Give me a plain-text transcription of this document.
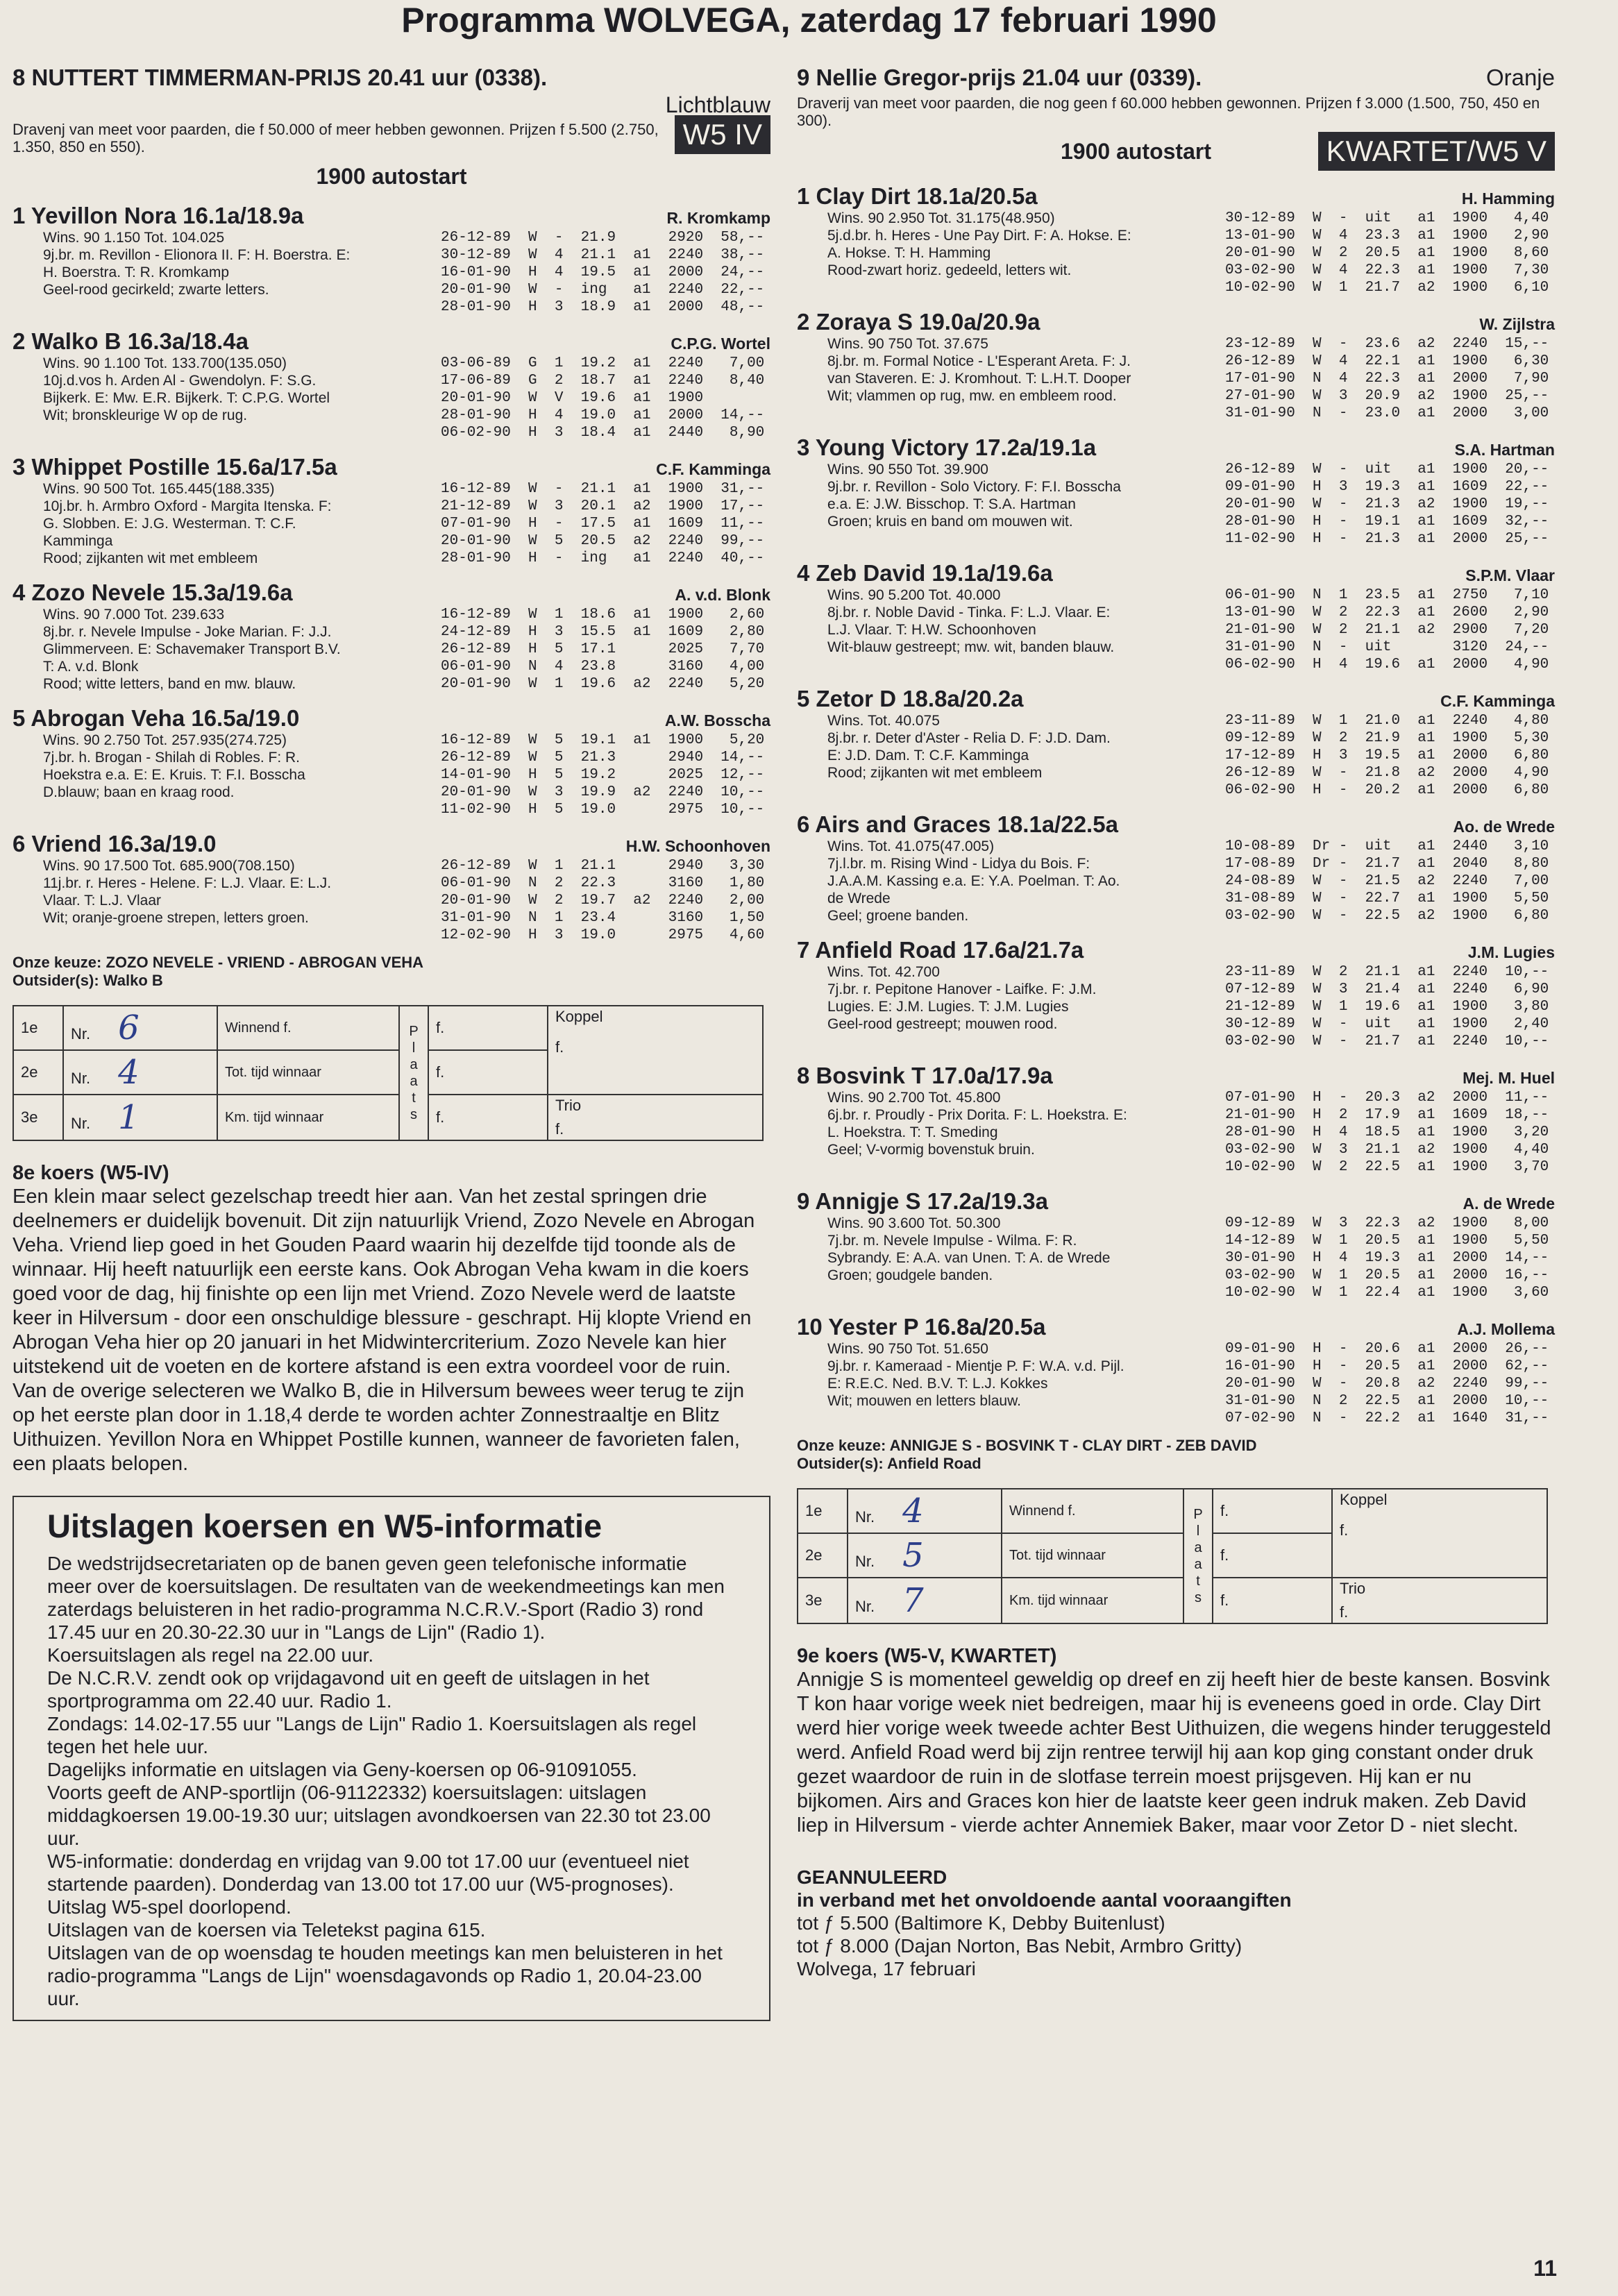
Programma WOLVEGA, zaterdag 17 februari 1990
8 NUTTERT TIMMERMAN-PRIJS 20.41 uur (0338).
Lichtblauw
W5 IV
Dravenj van meet voor paarden, die f 50.000 of meer hebben gewonnen. Prijzen f 5.500 (2.750, 1.350, 850 en 550).
1900 autostart
1 Yevillon Nora 16.1a/18.9a	R. Kromkamp
Wins. 90 1.150 Tot. 104.025
9j.br. m. Revillon - Elionora II. F: H. Boerstra. E:
H. Boerstra. T: R. Kromkamp
Geel-rood gecirkeld; zwarte letters.
26-12-89  W  -  21.9      2920  58,--
30-12-89  W  4  21.1  a1  2240  38,--
16-01-90  H  4  19.5  a1  2000  24,--
20-01-90  W  -  ing   a1  2240  22,--
28-01-90  H  3  18.9  a1  2000  48,--
2 Walko B 16.3a/18.4a	C.P.G. Wortel
Wins. 90 1.100 Tot. 133.700(135.050)
10j.d.vos h. Arden Al - Gwendolyn. F: S.G.
Bijkerk. E: Mw. E.R. Bijkerk. T: C.P.G. Wortel
Wit; bronskleurige W op de rug.
03-06-89  G  1  19.2  a1  2240   7,00
17-06-89  G  2  18.7  a1  2240   8,40
20-01-90  W  V  19.6  a1  1900
28-01-90  H  4  19.0  a1  2000  14,--
06-02-90  H  3  18.4  a1  2440   8,90
3 Whippet Postille 15.6a/17.5a	C.F. Kamminga
Wins. 90 500 Tot. 165.445(188.335)
10j.br. h. Armbro Oxford - Margita Itenska. F:
G. Slobben. E: J.G. Westerman. T: C.F.
Kamminga
Rood; zijkanten wit met embleem
16-12-89  W  -  21.1  a1  1900  31,--
21-12-89  W  3  20.1  a2  1900  17,--
07-01-90  H  -  17.5  a1  1609  11,--
20-01-90  W  5  20.5  a2  2240  99,--
28-01-90  H  -  ing   a1  2240  40,--
4 Zozo Nevele 15.3a/19.6a	A. v.d. Blonk
Wins. 90 7.000 Tot. 239.633
8j.br. r. Nevele Impulse - Joke Marian. F: J.J.
Glimmerveen. E: Schavemaker Transport B.V.
T: A. v.d. Blonk
Rood; witte letters, band en mw. blauw.
16-12-89  W  1  18.6  a1  1900   2,60
24-12-89  H  3  15.5  a1  1609   2,80
26-12-89  H  5  17.1      2025   7,70
06-01-90  N  4  23.8      3160   4,00
20-01-90  W  1  19.6  a2  2240   5,20
5 Abrogan Veha 16.5a/19.0	A.W. Bosscha
Wins. 90 2.750 Tot. 257.935(274.725)
7j.br. h. Brogan - Shilah di Robles. F: R.
Hoekstra e.a. E: E. Kruis. T: F.I. Bosscha
D.blauw; baan en kraag rood.
16-12-89  W  5  19.1  a1  1900   5,20
26-12-89  W  5  21.3      2940  14,--
14-01-90  H  5  19.2      2025  12,--
20-01-90  W  3  19.9  a2  2240  10,--
11-02-90  H  5  19.0      2975  10,--
6 Vriend 16.3a/19.0	H.W. Schoonhoven
Wins. 90 17.500 Tot. 685.900(708.150)
11j.br. r. Heres - Helene. F: L.J. Vlaar. E: L.J.
Vlaar. T: L.J. Vlaar
Wit; oranje-groene strepen, letters groen.
26-12-89  W  1  21.1      2940   3,30
06-01-90  N  2  22.3      3160   1,80
20-01-90  W  2  19.7  a2  2240   2,00
31-01-90  N  1  23.4      3160   1,50
12-02-90  H  3  19.0      2975   4,60
Onze keuze: ZOZO NEVELE - VRIEND - ABROGAN VEHA
Outsider(s): Walko B
1e	Nr. 6	Winnend f.	P l a a t s	f.	Koppel
f.

2e	Nr. 4	Tot. tijd winnaar		f.	
3e	Nr. 1	Km. tijd winnaar		f.	Trio
f.
8e koers (W5-IV)
Een klein maar select gezelschap treedt hier aan. Van het zestal springen drie deelnemers er duidelijk bovenuit. Dit zijn natuurlijk Vriend, Zozo Nevele en Abrogan Veha. Vriend liep goed in het Gouden Paard waarin hij dezelfde tijd toonde als de winnaar. Hij heeft natuurlijk een eerste kans. Ook Abrogan Veha kwam in die koers goed voor de dag, hij finishte op een lijn met Vriend. Zozo Nevele werd de laatste keer in Hilversum - door een onschuldige blessure - geschrapt. Hij klopte Vriend en Abrogan Veha hier op 20 januari in het Midwintercriterium. Zozo Nevele kan hier uitstekend uit de voeten en de kortere afstand is een extra voordeel voor de ruin. Van de overige selecteren we Walko B, die in Hilversum bewees weer terug te zijn op het eerste plan door in 1.18,4 derde te worden achter Zonnestraaltje en Blitz Uithuizen. Yevillon Nora en Whippet Postille kunnen, wanneer de favorieten falen, een plaats belopen.
Uitslagen koersen en W5-informatie

De wedstrijdsecretariaten op de banen geven geen telefonische informatie meer over de koersuitslagen. De resultaten van de weekendmeetings kan men zaterdags beluisteren in het radio-programma N.C.R.V.-Sport (Radio 3) rond 17.45 uur en 20.30-22.30 uur in "Langs de Lijn" (Radio 1).
Koersuitslagen als regel na 22.00 uur.
De N.C.R.V. zendt ook op vrijdagavond uit en geeft de uitslagen in het sportprogramma om 22.40 uur. Radio 1.
Zondags: 14.02-17.55 uur "Langs de Lijn" Radio 1. Koersuitslagen als regel tegen het hele uur.
Dagelijks informatie en uitslagen via Geny-koersen op 06-91091055.
Voorts geeft de ANP-sportlijn (06-91122332) koersuitslagen: uitslagen middagkoersen 19.00-19.30 uur; uitslagen avondkoersen van 22.30 tot 23.00 uur.
W5-informatie: donderdag en vrijdag van 9.00 tot 17.00 uur (eventueel niet startende paarden). Donderdag van 13.00 tot 17.00 uur (W5-prognoses). Uitslag W5-spel doorlopend.
Uitslagen van de koersen via Teletekst pagina 615.
Uitslagen van de op woensdag te houden meetings kan men beluisteren in het radio-programma "Langs de Lijn" woensdagavonds op Radio 1, 20.04-23.00 uur.

9 Nellie Gregor-prijs 21.04 uur (0339).	Oranje
Draverij van meet voor paarden, die nog geen f 60.000 hebben gewonnen. Prijzen f 3.000 (1.500, 750, 450 en 300).
1900 autostart	KWARTET/W5 V
1 Clay Dirt 18.1a/20.5a	H. Hamming
Wins. 90 2.950 Tot. 31.175(48.950)
5j.d.br. h. Heres - Une Pay Dirt. F: A. Hokse. E:
A. Hokse. T: H. Hamming
Rood-zwart horiz. gedeeld, letters wit.
30-12-89  W  -  uit   a1  1900   4,40
13-01-90  W  4  23.3  a1  1900   2,90
20-01-90  W  2  20.5  a1  1900   8,60
03-02-90  W  4  22.3  a1  1900   7,30
10-02-90  W  1  21.7  a2  1900   6,10
2 Zoraya S 19.0a/20.9a	W. Zijlstra
Wins. 90 750 Tot. 37.675
8j.br. m. Formal Notice - L'Esperant Areta. F: J.
van Staveren. E: J. Kromhout. T: L.H.T. Dooper
Wit; vlammen op rug, mw. en embleem rood.
23-12-89  W  -  23.6  a2  2240  15,--
26-12-89  W  4  22.1  a1  1900   6,30
17-01-90  N  4  22.3  a1  2000   7,90
27-01-90  W  3  20.9  a2  1900  25,--
31-01-90  N  -  23.0  a1  2000   3,00
3 Young Victory 17.2a/19.1a	S.A. Hartman
Wins. 90 550 Tot. 39.900
9j.br. r. Revillon - Solo Victory. F: F.I. Bosscha
e.a. E: J.W. Bisschop. T: S.A. Hartman
Groen; kruis en band om mouwen wit.
26-12-89  W  -  uit   a1  1900  20,--
09-01-90  H  3  19.3  a1  1609  22,--
20-01-90  W  -  21.3  a2  1900  19,--
28-01-90  H  -  19.1  a1  1609  32,--
11-02-90  H  -  21.3  a1  2000  25,--
4 Zeb David 19.1a/19.6a	S.P.M. Vlaar
Wins. 90 5.200 Tot. 40.000
8j.br. r. Noble David - Tinka. F: L.J. Vlaar. E:
L.J. Vlaar. T: H.W. Schoonhoven
Wit-blauw gestreept; mw. wit, banden blauw.
06-01-90  N  1  23.5  a1  2750   7,10
13-01-90  W  2  22.3  a1  2600   2,90
21-01-90  W  2  21.1  a2  2900   7,20
31-01-90  N  -  uit       3120  24,--
06-02-90  H  4  19.6  a1  2000   4,90
5 Zetor D 18.8a/20.2a	C.F. Kamminga
Wins. Tot. 40.075
8j.br. r. Deter d'Aster - Relia D. F: J.D. Dam.
E: J.D. Dam. T: C.F. Kamminga
Rood; zijkanten wit met embleem
23-11-89  W  1  21.0  a1  2240   4,80
09-12-89  W  2  21.9  a1  1900   5,30
17-12-89  H  3  19.5  a1  2000   6,80
26-12-89  W  -  21.8  a2  2000   4,90
06-02-90  H  -  20.2  a1  2000   6,80
6 Airs and Graces 18.1a/22.5a	Ao. de Wrede
Wins. Tot. 41.075(47.005)
7j.l.br. m. Rising Wind - Lidya du Bois. F:
J.A.A.M. Kassing e.a. E: Y.A. Poelman. T: Ao.
de Wrede
Geel; groene banden.
10-08-89  Dr -  uit   a1  2440   3,10
17-08-89  Dr -  21.7  a1  2040   8,80
24-08-89  W  -  21.5  a2  2240   7,00
31-08-89  W  -  22.7  a1  1900   5,50
03-02-90  W  -  22.5  a2  1900   6,80
7 Anfield Road 17.6a/21.7a	J.M. Lugies
Wins. Tot. 42.700
7j.br. r. Pepitone Hanover - Laifke. F: J.M.
Lugies. E: J.M. Lugies. T: J.M. Lugies
Geel-rood gestreept; mouwen rood.
23-11-89  W  2  21.1  a1  2240  10,--
07-12-89  W  3  21.4  a1  2240   6,90
21-12-89  W  1  19.6  a1  1900   3,80
30-12-89  W  -  uit   a1  1900   2,40
03-02-90  W  -  21.7  a1  2240  10,--
8 Bosvink T 17.0a/17.9a	Mej. M. Huel
Wins. 90 2.700 Tot. 45.800
6j.br. r. Proudly - Prix Dorita. F: L. Hoekstra. E:
L. Hoekstra. T: T. Smeding
Geel; V-vormig bovenstuk bruin.
07-01-90  H  -  20.3  a2  2000  11,--
21-01-90  H  2  17.9  a1  1609  18,--
28-01-90  H  4  18.5  a1  1900   3,20
03-02-90  W  3  21.1  a2  1900   4,40
10-02-90  W  2  22.5  a1  1900   3,70
9 Annigje S 17.2a/19.3a	A. de Wrede
Wins. 90 3.600 Tot. 50.300
7j.br. m. Nevele Impulse - Wilma. F: R.
Sybrandy. E: A.A. van Unen. T: A. de Wrede
Groen; goudgele banden.
09-12-89  W  3  22.3  a2  1900   8,00
14-12-89  W  1  20.5  a1  1900   5,50
30-01-90  H  4  19.3  a1  2000  14,--
03-02-90  W  1  20.5  a1  2000  16,--
10-02-90  W  1  22.4  a1  1900   3,60
10 Yester P 16.8a/20.5a	A.J. Mollema
Wins. 90 750 Tot. 51.650
9j.br. r. Kameraad - Mientje P. F: W.A. v.d. Pijl.
E: R.E.C. Ned. B.V. T: L.J. Kokkes
Wit; mouwen en letters blauw.
09-01-90  H  -  20.6  a1  2000  26,--
16-01-90  H  -  20.5  a1  2000  62,--
20-01-90  W  -  20.8  a2  2240  99,--
31-01-90  N  2  22.5  a1  2000  10,--
07-02-90  N  -  22.2  a1  1640  31,--
Onze keuze: ANNIGJE S - BOSVINK T - CLAY DIRT - ZEB DAVID
Outsider(s): Anfield Road
1e	Nr. 4	Winnend f.	P l a a t s	f.	Koppel
f.

2e	Nr. 5	Tot. tijd winnaar		f.	
3e	Nr. 7	Km. tijd winnaar		f.	Trio
f.
9e koers (W5-V, KWARTET)
Annigje S is momenteel geweldig op dreef en zij heeft hier de beste kansen. Bosvink T kon haar vorige week niet bedreigen, maar hij is eveneens goed in orde. Clay Dirt werd hier vorige week tweede achter Best Uithuizen, die wegens hinder teruggesteld werd. Anfield Road werd bij zijn rentree terwijl hij aan kop ging constant onder druk gezet waardoor de ruin in de slotfase terrein moest prijsgeven. Hij kan er nu bijkomen. Airs and Graces kon hier de laatste keer geen indruk maken. Zeb David liep in Hilversum - vierde achter Annemiek Baker, maar voor Zetor D - niet slecht.
GEANNULEERD
in verband met het onvoldoende aantal vooraangiften
tot ƒ 5.500 (Baltimore K, Debby Buitenlust)
tot ƒ 8.000 (Dajan Norton, Bas Nebit, Armbro Gritty)
Wolvega, 17 februari
11
